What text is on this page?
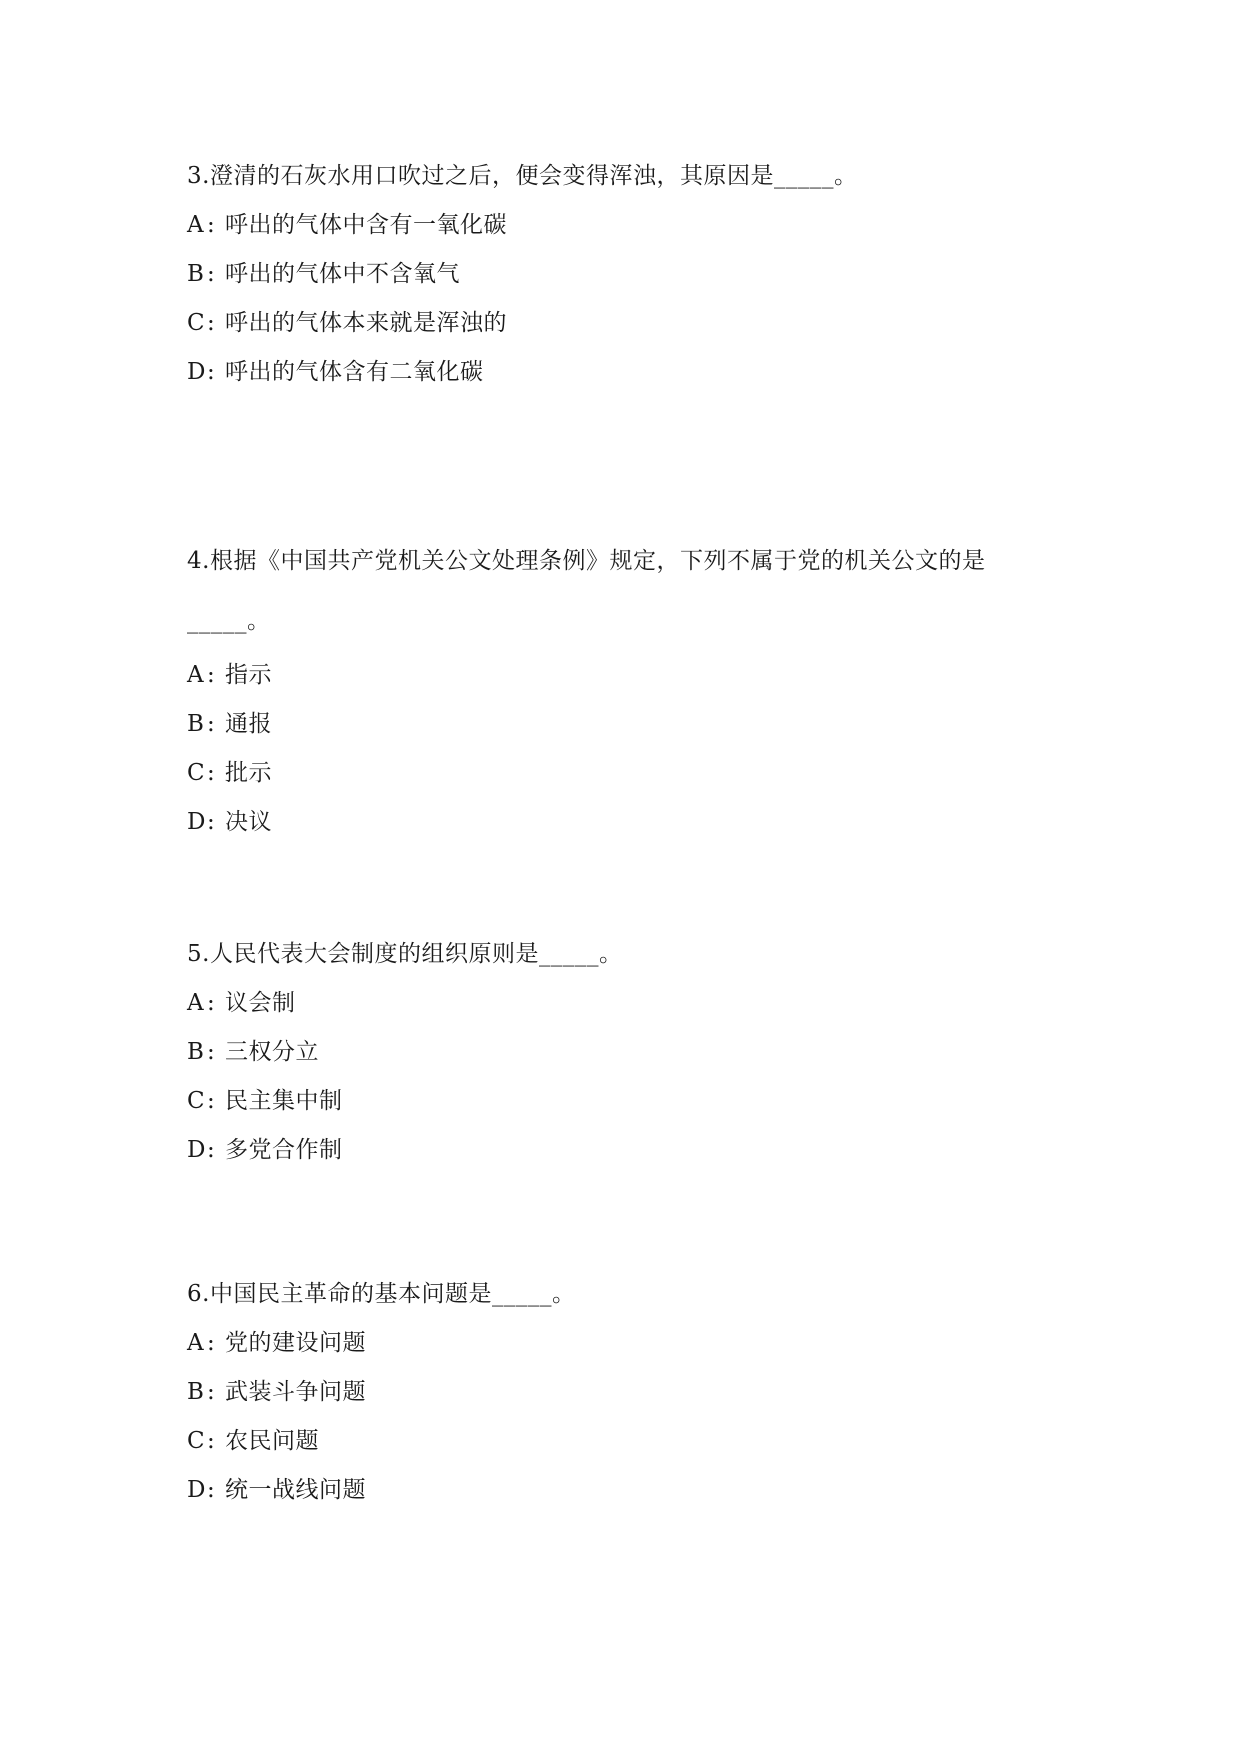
3.澄清的石灰水用口吹过之后，便会变得浑浊，其原因是_____。

A : 呼出的气体中含有一氧化碳
B : 呼出的气体中不含氧气
C : 呼出的气体本来就是浑浊的
D : 呼出的气体含有二氧化碳

4.根据《中国共产党机关公文处理条例》规定，下列不属于党的机关公文的是_____。

A : 指示
B : 通报
C : 批示
D : 决议

5.人民代表大会制度的组织原则是_____。

A : 议会制
B : 三权分立
C : 民主集中制
D : 多党合作制

6.中国民主革命的基本问题是_____。

A : 党的建设问题
B : 武装斗争问题
C : 农民问题
D : 统一战线问题
